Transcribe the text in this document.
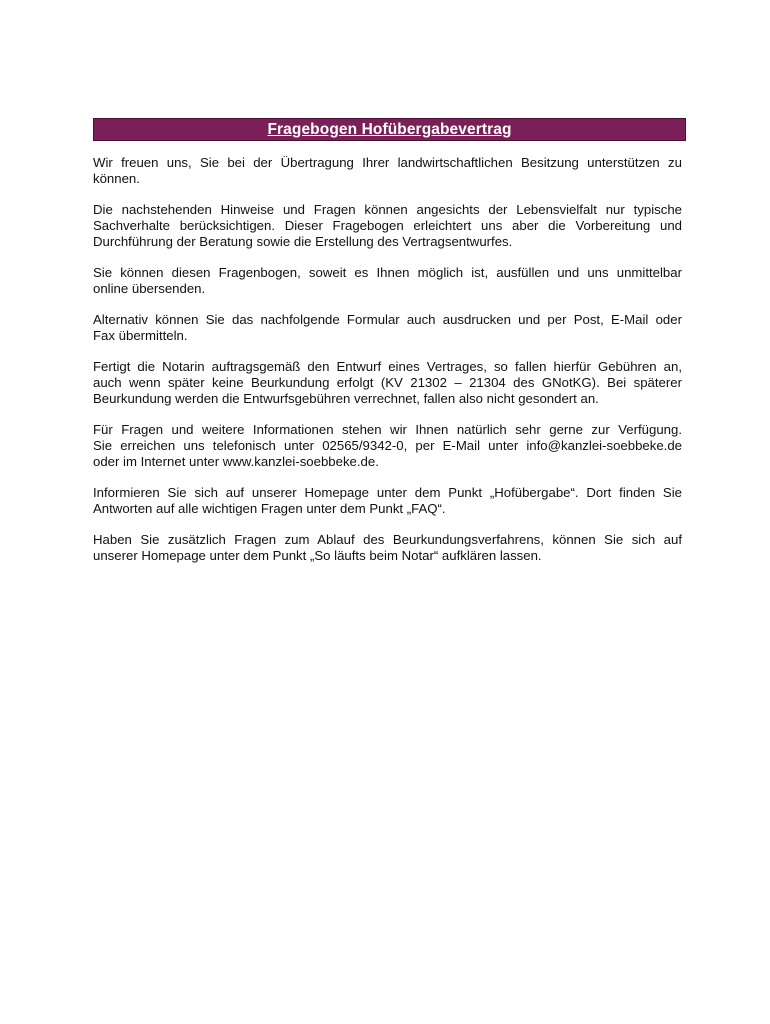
Fragebogen Hofübergabevertrag

Wir freuen uns, Sie bei der Übertragung Ihrer landwirtschaftlichen Besitzung unterstützen zu
können.

Die nachstehenden Hinweise und Fragen können angesichts der Lebensvielfalt nur typische
Sachverhalte berücksichtigen. Dieser Fragebogen erleichtert uns aber die Vorbereitung und
Durchführung der Beratung sowie die Erstellung des Vertragsentwurfes.

Sie können diesen Fragenbogen, soweit es Ihnen möglich ist, ausfüllen und uns unmittelbar
online übersenden.

Alternativ können Sie das nachfolgende Formular auch ausdrucken und per Post, E-Mail oder
Fax übermitteln.

Fertigt die Notarin auftragsgemäß den Entwurf eines Vertrages, so fallen hierfür Gebühren an,
auch wenn später keine Beurkundung erfolgt (KV 21302 – 21304 des GNotKG). Bei späterer
Beurkundung werden die Entwurfsgebühren verrechnet, fallen also nicht gesondert an.

Für Fragen und weitere Informationen stehen wir Ihnen natürlich sehr gerne zur Verfügung.
Sie erreichen uns telefonisch unter 02565/9342-0, per E-Mail unter info@kanzlei-soebbeke.de
oder im Internet unter www.kanzlei-soebbeke.de.

Informieren Sie sich auf unserer Homepage unter dem Punkt „Hofübergabe“. Dort finden Sie
Antworten auf alle wichtigen Fragen unter dem Punkt „FAQ“.

Haben Sie zusätzlich Fragen zum Ablauf des Beurkundungsverfahrens, können Sie sich auf
unserer Homepage unter dem Punkt „So läufts beim Notar“ aufklären lassen.
